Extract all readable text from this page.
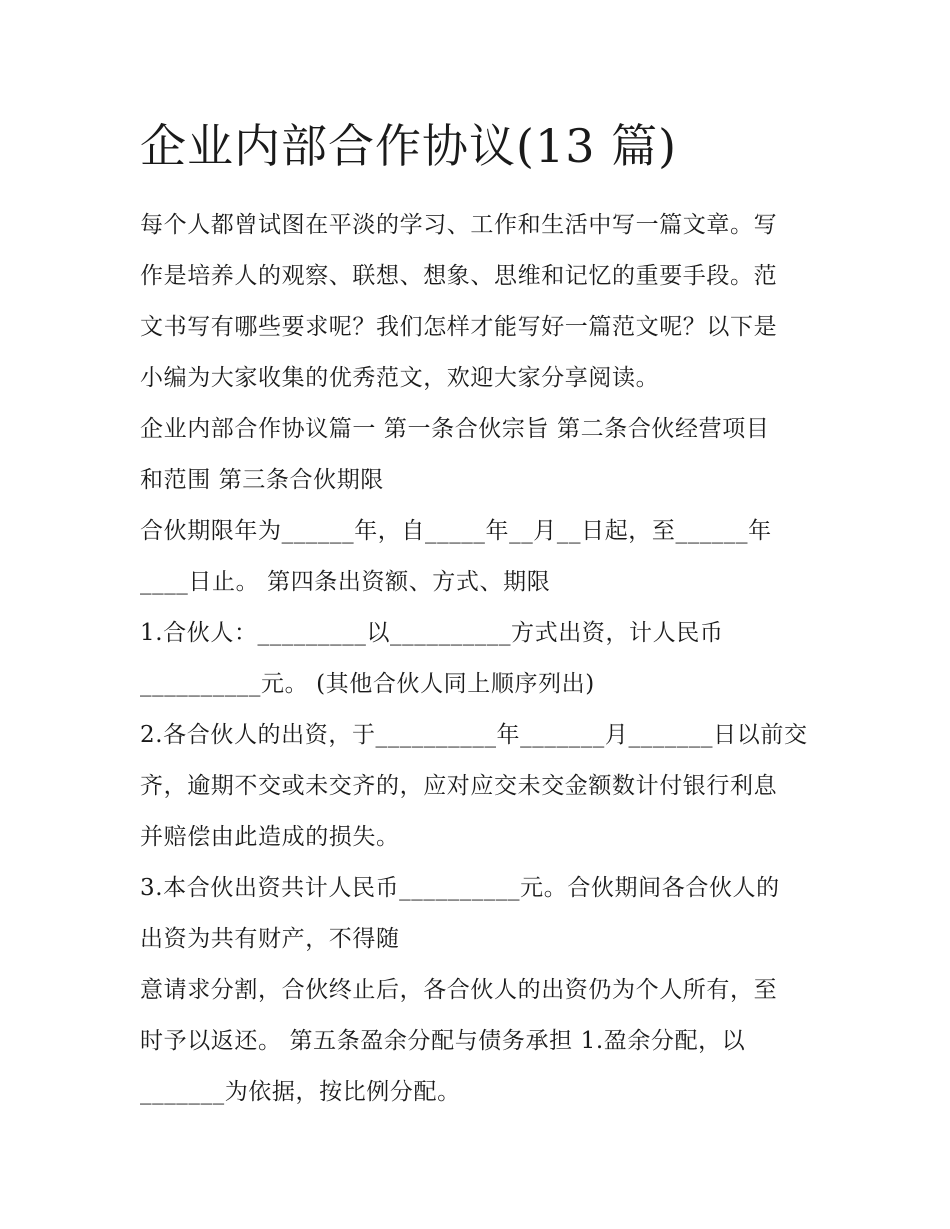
企业内部合作协议(13 篇)
每个人都曾试图在平淡的学习、工作和生活中写一篇文章。写
作是培养人的观察、联想、想象、思维和记忆的重要手段。范
文书写有哪些要求呢？我们怎样才能写好一篇范文呢？以下是
小编为大家收集的优秀范文，欢迎大家分享阅读。
企业内部合作协议篇一 第一条合伙宗旨 第二条合伙经营项目
和范围 第三条合伙期限
合伙期限年为______年，自_____年__月__日起，至______年
____日止。 第四条出资额、方式、期限
1.合伙人：_________以__________方式出资，计人民币
__________元。 (其他合伙人同上顺序列出)
2.各合伙人的出资，于__________年_______月_______日以前交
齐，逾期不交或未交齐的，应对应交未交金额数计付银行利息
并赔偿由此造成的损失。
3.本合伙出资共计人民币__________元。合伙期间各合伙人的
出资为共有财产，不得随
意请求分割，合伙终止后，各合伙人的出资仍为个人所有，至
时予以返还。 第五条盈余分配与债务承担 1.盈余分配，以
_______为依据，按比例分配。
